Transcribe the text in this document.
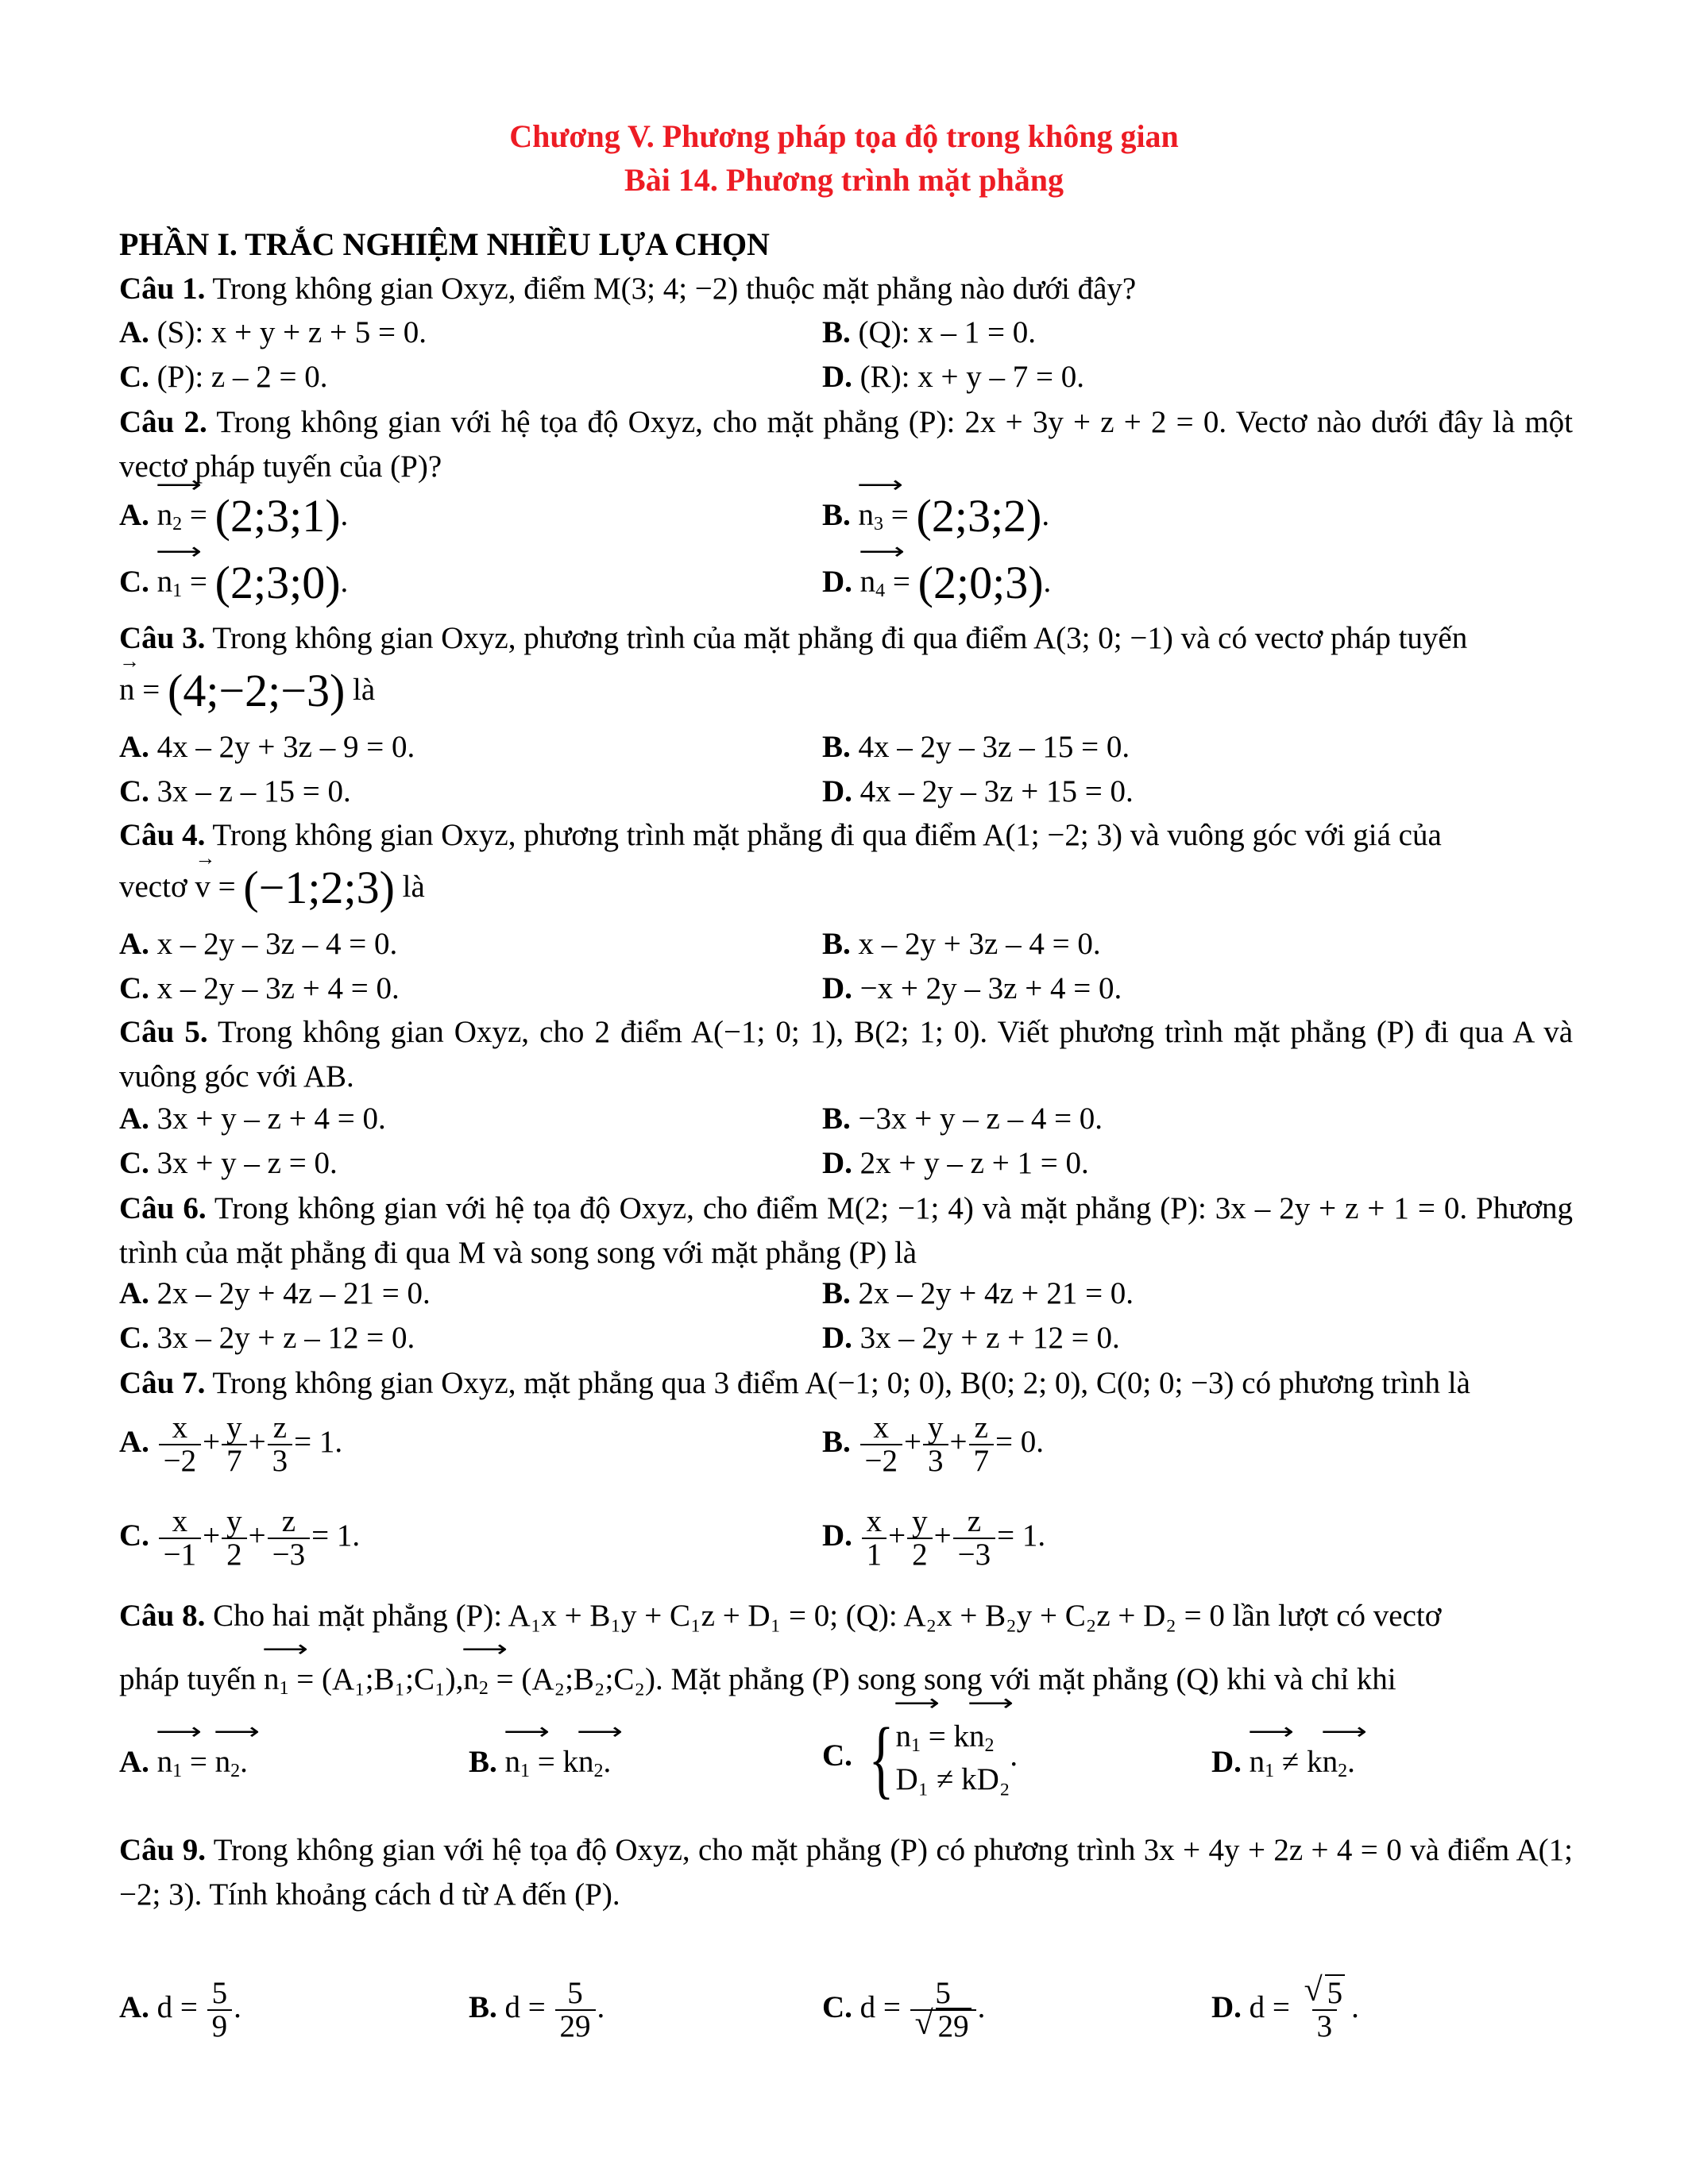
Chương V. Phương pháp tọa độ trong không gian
Bài 14. Phương trình mặt phẳng
PHẦN I. TRẮC NGHIỆM NHIỀU LỰA CHỌN
Câu 1. Trong không gian Oxyz, điểm M(3; 4; −2) thuộc mặt phẳng nào dưới đây?
A. (S): x + y + z + 5 = 0.	B. (Q): x – 1 = 0.
C. (P): z – 2 = 0.	D. (R): x + y – 7 = 0.
Câu 2. Trong không gian với hệ tọa độ Oxyz, cho mặt phẳng (P): 2x + 3y + z + 2 = 0. Vectơ nào dưới đây là một vectơ pháp tuyến của (P)?
A. ⟶ $n_2$ = (2;3;1).	B. ⟶ $n_3$ = (2;3;2).
C. ⟶ $n_1$ = (2;3;0).	D. ⟶ $n_4$ = (2;0;3).
Câu 3. Trong không gian Oxyz, phương trình của mặt phẳng đi qua điểm A(3; 0; −1) và có vectơ pháp tuyến
→ n = (4;−2;−3) là
A. 4x – 2y + 3z – 9 = 0.	B. 4x – 2y – 3z – 15 = 0.
C. 3x – z – 15 = 0.	D. 4x – 2y – 3z + 15 = 0.
Câu 4. Trong không gian Oxyz, phương trình mặt phẳng đi qua điểm A(1; −2; 3) và vuông góc với giá của
vectơ → v = (−1;2;3) là
A. x – 2y – 3z – 4 = 0.	B. x – 2y + 3z – 4 = 0.
C. x – 2y – 3z + 4 = 0.	D. −x + 2y – 3z + 4 = 0.
Câu 5. Trong không gian Oxyz, cho 2 điểm A(−1; 0; 1), B(2; 1; 0). Viết phương trình mặt phẳng (P) đi qua A và vuông góc với AB.
A. 3x + y – z + 4 = 0.	B. −3x + y – z – 4 = 0.
C. 3x + y – z = 0.	D. 2x + y – z + 1 = 0.
Câu 6. Trong không gian với hệ tọa độ Oxyz, cho điểm M(2; −1; 4) và mặt phẳng (P): 3x – 2y + z + 1 = 0. Phương trình của mặt phẳng đi qua M và song song với mặt phẳng (P) là
A. 2x – 2y + 4z – 21 = 0.	B. 2x – 2y + 4z + 21 = 0.
C. 3x – 2y + z – 12 = 0.	D. 3x – 2y + z + 12 = 0.
Câu 7. Trong không gian Oxyz, mặt phẳng qua 3 điểm A(−1; 0; 0), B(0; 2; 0), C(0; 0; −3) có phương trình là
A. $\frac{x}{-2} + \frac{y}{7} + \frac{z}{3} = 1$.	B. $\frac{x}{-2} + \frac{y}{3} + \frac{z}{7} = 0$.
C. $\frac{x}{-1} + \frac{y}{2} + \frac{z}{-3} = 1$.	D. $\frac{x}{1} + \frac{y}{2} + \frac{z}{-3} = 1$.
Câu 8. Cho hai mặt phẳng (P): A₁x + B₁y + C₁z + D₁ = 0; (Q): A₂x + B₂y + C₂z + D₂ = 0 lần lượt có vectơ
pháp tuyến ⟶ $n_1$ = (A₁;B₁;C₁),⟶ $n_2$ = (A₂;B₂;C₂). Mặt phẳng (P) song song với mặt phẳng (Q) khi và chỉ khi
A. ⟶ $n_1$ = ⟶ $n_2$.	B. ⟶ $n_1$ = k⟶ $n_2$.	C. { ⟶ $n_1$ = k⟶ $n_2$
D₁ ≠ kD₂
.	D. ⟶ $n_1$ ≠ k⟶ $n_2$.
Câu 9. Trong không gian với hệ tọa độ Oxyz, cho mặt phẳng (P) có phương trình 3x + 4y + 2z + 4 = 0 và điểm A(1; −2; 3). Tính khoảng cách d từ A đến (P).
A. $d = \frac{5}{9}$ .	B. $d = \frac{5}{29}$ .	C. d = 5
√ 29 .	D. d = √ $\frac{5}{3}$ .
